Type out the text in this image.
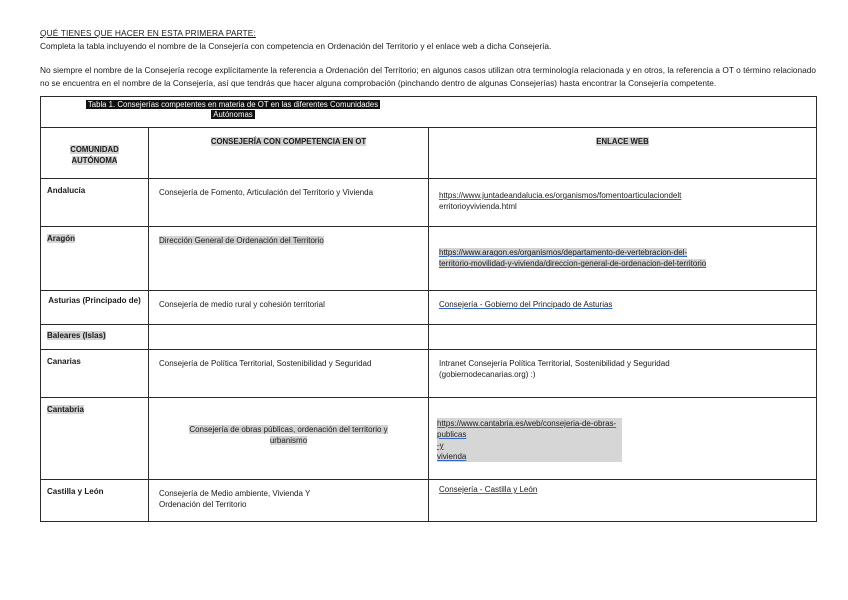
QUÉ TIENES QUE HACER EN ESTA PRIMERA PARTE:

Completa la tabla incluyendo el nombre de la Consejería con competencia en Ordenación del Territorio y el enlace web a dicha Consejería.

No siempre el nombre de la Consejería recoge explícitamente la referencia a Ordenación del Territorio; en algunos casos utilizan otra terminología relacionada y en otros, la referencia a OT o término relacionado no se encuentra en el nombre de la Consejería, así que tendrás que hacer alguna comprobación (pinchando dentro de algunas Consejerías) hasta encontrar la Consejería competente.

Tabla 1. Consejerías competentes en materia de OT en las diferentes Comunidades
Autónomas		

COMUNIDAD
AUTÓNOMA	CONSEJERÍA CON COMPETENCIA EN OT	ENLACE WEB
Andalucía	Consejería de Fomento, Articulación del Territorio y Vivienda	https://www.juntadeandalucia.es/organismos/fomentoarticulaciondelt
erritorioyvivienda.html
Aragón	Dirección General de Ordenación del Territorio	https://www.aragon.es/organismos/departamento-de-vertebracion-del-
territorio-movilidad-y-vivienda/direccion-general-de-ordenacion-del-territorio
Asturias (Principado de)	Consejería de medio rural y cohesión territorial	Consejería - Gobierno del Principado de Asturias
Baleares (Islas)		
Canarias	Consejería de Política Territorial, Sostenibilidad y Seguridad	Intranet Consejería Política Territorial, Sostenibilidad y Seguridad
(gobiernodecanarias.org) :)
Cantabria	Consejería de obras públicas, ordenación del territorio y
urbanismo	https://www.cantabria.es/web/consejeria-de-obras-
publicas
-y
vivienda
Castilla y León	Consejería de Medio ambiente, Vivienda Y
Ordenación del Territorio	Consejería - Castilla y León
